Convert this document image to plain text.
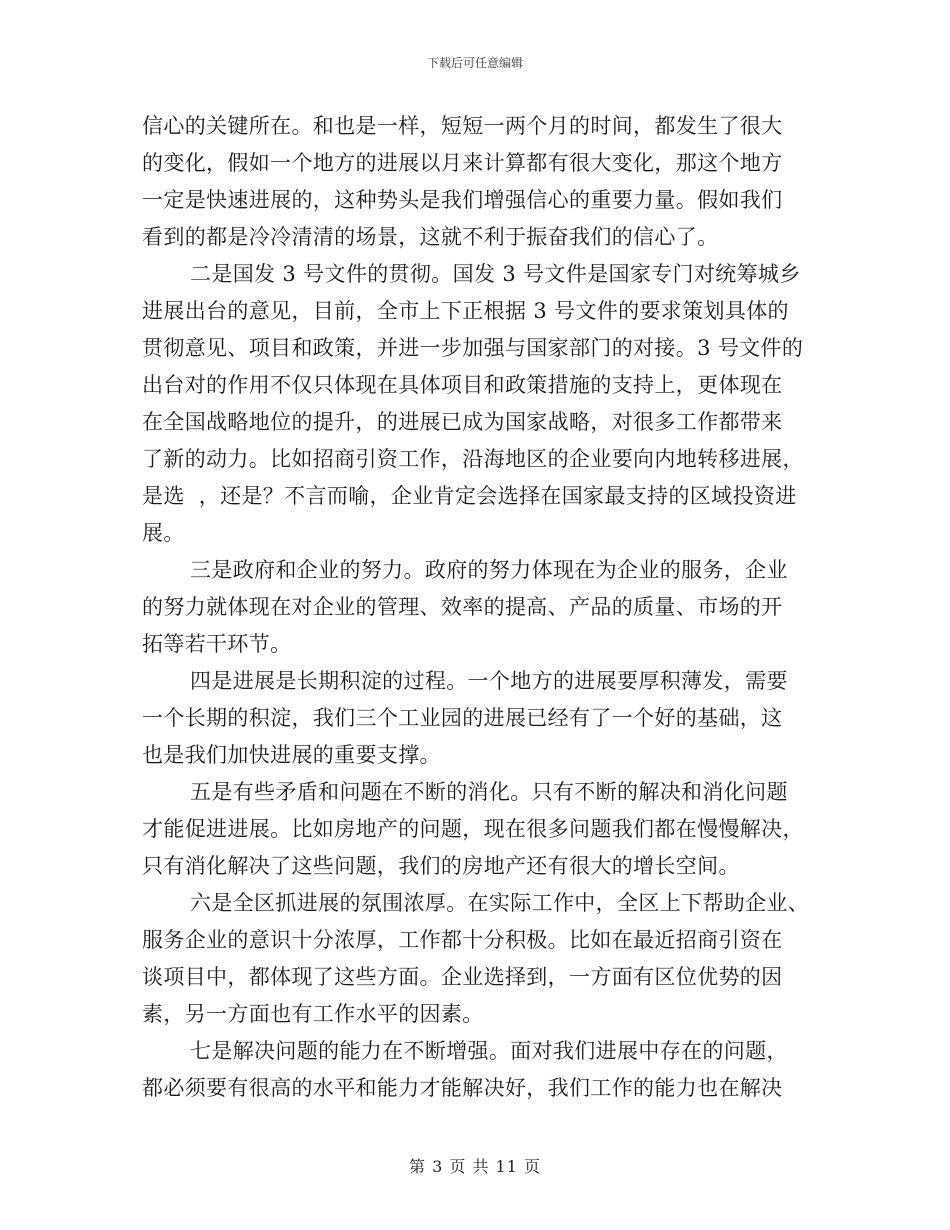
下载后可任意编辑
信心的关键所在。和也是一样，短短一两个月的时间，都发生了很大
的变化，假如一个地方的进展以月来计算都有很大变化，那这个地方
一定是快速进展的，这种势头是我们增强信心的重要力量。假如我们
看到的都是冷冷清清的场景，这就不利于振奋我们的信心了。
二是国发 3 号文件的贯彻。国发 3 号文件是国家专门对统筹城乡
进展出台的意见，目前，全市上下正根据 3 号文件的要求策划具体的
贯彻意见、项目和政策，并进一步加强与国家部门的对接。3 号文件的
出台对的作用不仅只体现在具体项目和政策措施的支持上，更体现在
在全国战略地位的提升，的进展已成为国家战略，对很多工作都带来
了新的动力。比如招商引资工作，沿海地区的企业要向内地转移进展，
是选  ，还是？不言而喻，企业肯定会选择在国家最支持的区域投资进
展。
三是政府和企业的努力。政府的努力体现在为企业的服务，企业
的努力就体现在对企业的管理、效率的提高、产品的质量、市场的开
拓等若干环节。
四是进展是长期积淀的过程。一个地方的进展要厚积薄发，需要
一个长期的积淀，我们三个工业园的进展已经有了一个好的基础，这
也是我们加快进展的重要支撑。
五是有些矛盾和问题在不断的消化。只有不断的解决和消化问题
才能促进进展。比如房地产的问题，现在很多问题我们都在慢慢解决，
只有消化解决了这些问题，我们的房地产还有很大的增长空间。
六是全区抓进展的氛围浓厚。在实际工作中，全区上下帮助企业、
服务企业的意识十分浓厚，工作都十分积极。比如在最近招商引资在
谈项目中，都体现了这些方面。企业选择到，一方面有区位优势的因
素，另一方面也有工作水平的因素。
七是解决问题的能力在不断增强。面对我们进展中存在的问题，
都必须要有很高的水平和能力才能解决好，我们工作的能力也在解决
第 3 页 共 11 页
